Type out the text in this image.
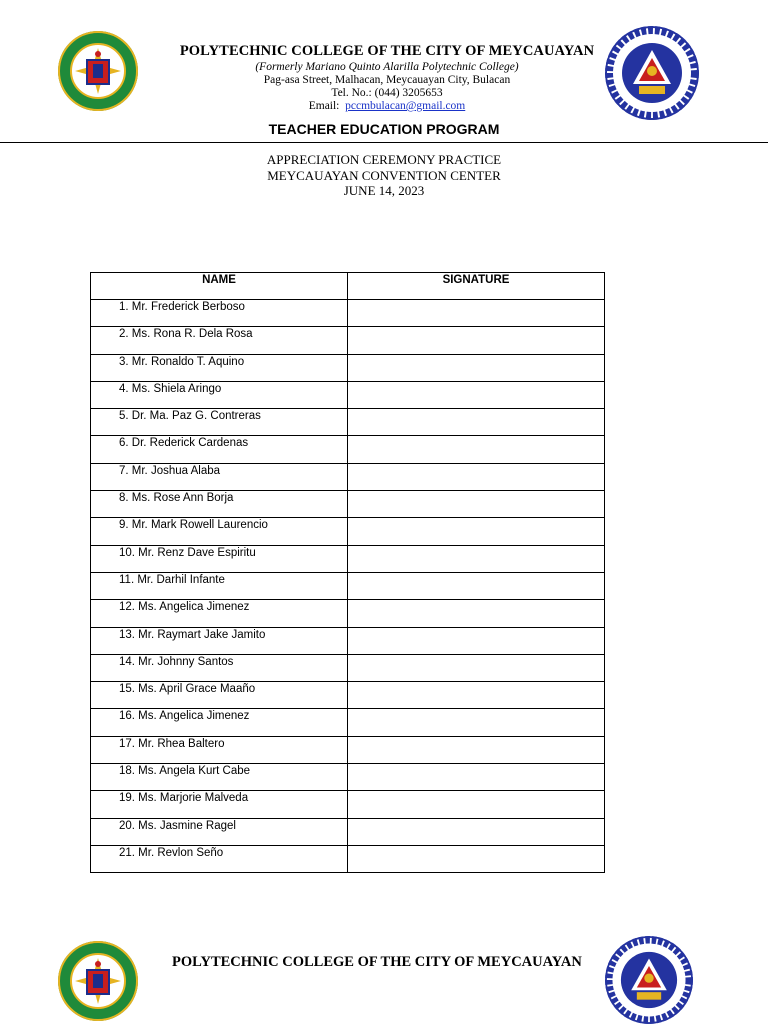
POLYTECHNIC COLLEGE OF THE CITY OF MEYCAUAYAN
(Formerly Mariano Quinto Alarilla Polytechnic College)
Pag-asa Street, Malhacan, Meycauayan City, Bulacan
Tel. No.: (044) 3205653
Email: pccmbulacan@gmail.com
TEACHER EDUCATION PROGRAM
APPRECIATION CEREMONY PRACTICE
MEYCAUAYAN CONVENTION CENTER
JUNE 14, 2023
NAME	SIGNATURE
1. Mr. Frederick Berboso	
2. Ms. Rona R. Dela Rosa	
3. Mr. Ronaldo T. Aquino	
4. Ms. Shiela Aringo	
5. Dr. Ma. Paz G. Contreras	
6. Dr. Rederick Cardenas	
7. Mr. Joshua Alaba	
8. Ms. Rose Ann Borja	
9. Mr. Mark Rowell Laurencio	
10. Mr. Renz Dave Espiritu	
11. Mr. Darhil Infante	
12. Ms. Angelica Jimenez	
13. Mr. Raymart Jake Jamito	
14. Mr. Johnny Santos	
15. Ms. April Grace Maaño	
16. Ms. Angelica Jimenez	
17. Mr. Rhea Baltero	
18. Ms. Angela Kurt Cabe	
19. Ms. Marjorie Malveda	
20. Ms. Jasmine Ragel	
21. Mr. Revlon Seño	
POLYTECHNIC COLLEGE OF THE CITY OF MEYCAUAYAN
